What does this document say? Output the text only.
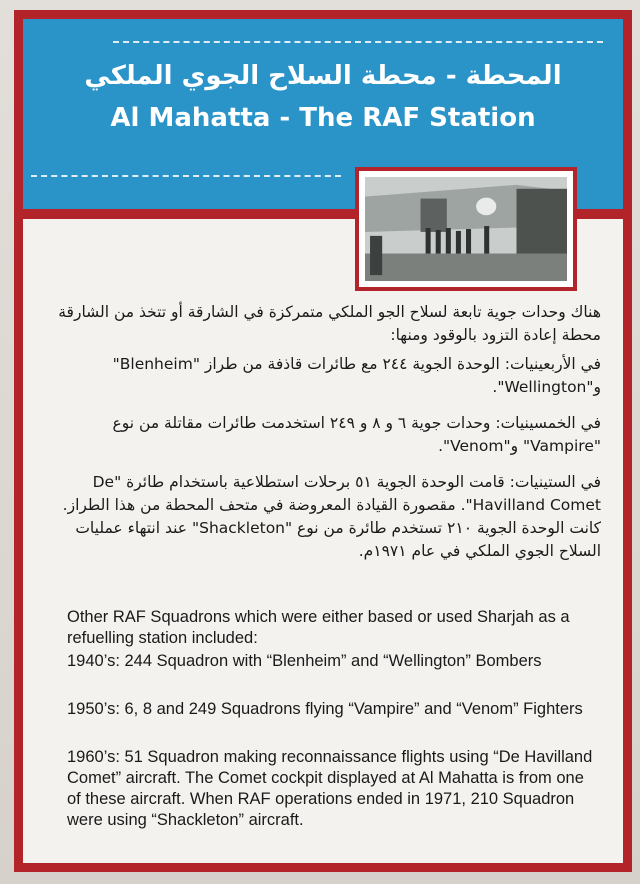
المحطة - محطة السلاح الجوي الملكي
Al Mahatta - The RAF Station
هناك وحدات جوية تابعة لسلاح الجو الملكي متمركزة في الشارقة أو تتخذ من الشارقة محطة إعادة التزود بالوقود ومنها:
في الأربعينيات: الوحدة الجوية ٢٤٤ مع طائرات قاذفة من طراز "Blenheim" و"Wellington".
في الخمسينيات: وحدات جوية ٦ و ٨ و ٢٤٩ استخدمت طائرات مقاتلة من نوع "Vampire" و"Venom".
في الستينيات: قامت الوحدة الجوية ٥١ برحلات استطلاعية باستخدام طائرة "De Havilland Comet". مقصورة القيادة المعروضة في متحف المحطة من هذا الطراز. كانت الوحدة الجوية ٢١٠ تستخدم طائرة من نوع "Shackleton" عند انتهاء عمليات السلاح الجوي الملكي في عام ١٩٧١م.
Other RAF Squadrons which were either based or used Sharjah as a refuelling station included:
1940’s: 244 Squadron with “Blenheim” and “Wellington” Bombers
1950’s: 6, 8 and 249 Squadrons flying “Vampire” and “Venom” Fighters
1960’s: 51 Squadron making reconnaissance flights using “De Havilland Comet” aircraft. The Comet cockpit displayed at Al Mahatta is from one of these aircraft. When RAF operations ended in 1971, 210 Squadron were using “Shackleton” aircraft.
